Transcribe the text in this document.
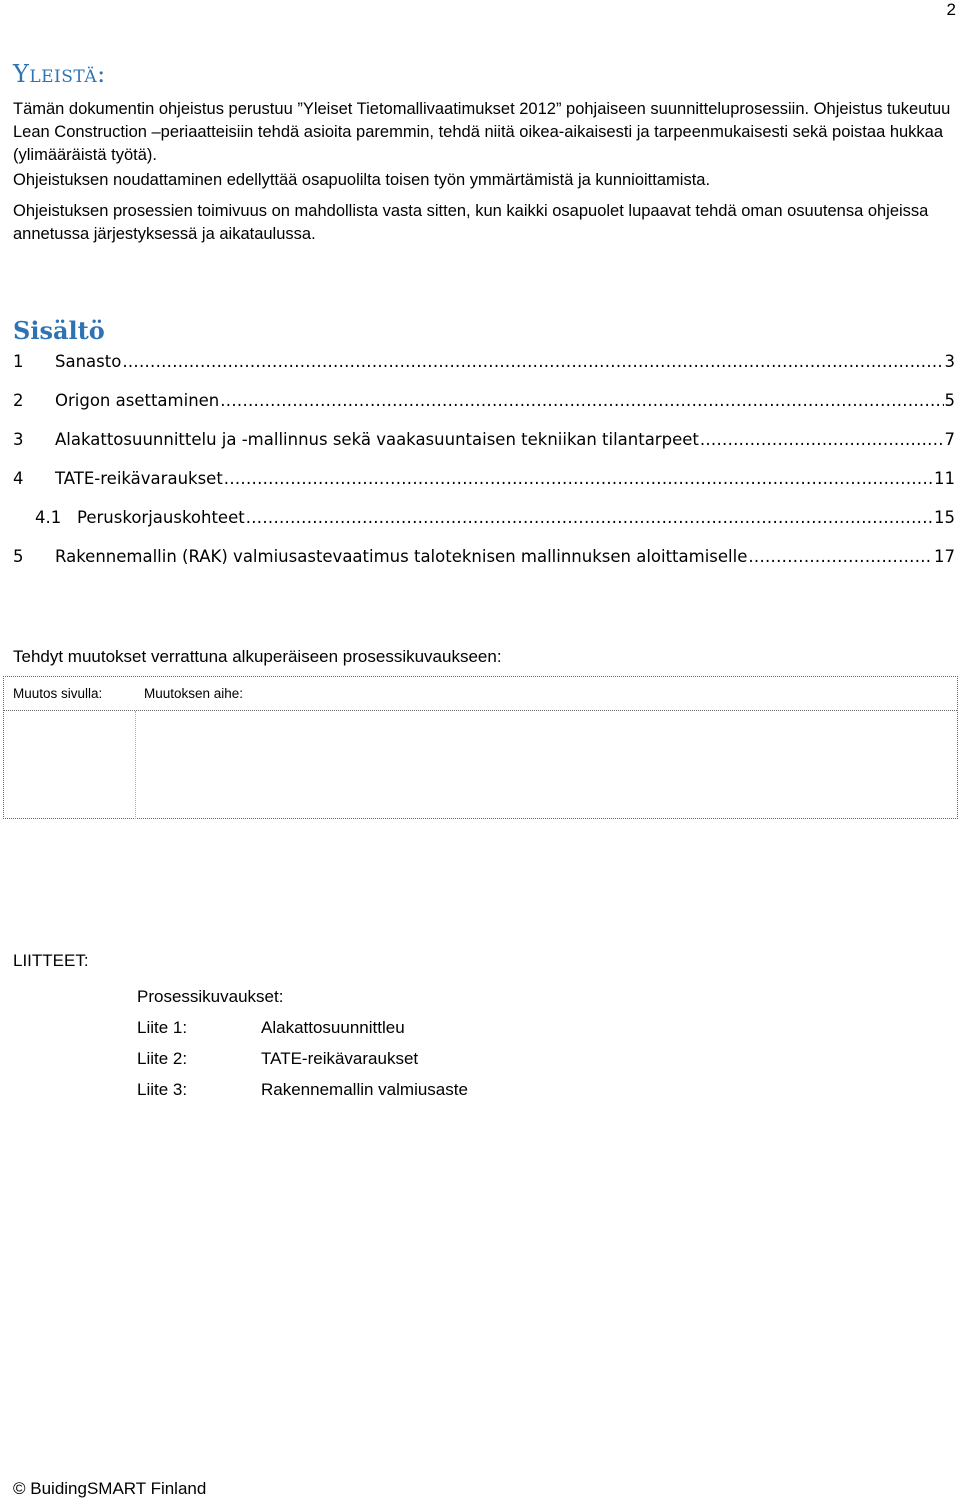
2
Yleistä:

Tämän dokumentin ohjeistus perustuu ”Yleiset Tietomallivaatimukset 2012” pohjaiseen suunnitteluprosessiin. Ohjeistus tukeutuu Lean Construction –periaatteisiin tehdä asioita paremmin, tehdä niitä oikea-aikaisesti ja tarpeenmukaisesti sekä poistaa hukkaa (ylimääräistä työtä).

Ohjeistuksen noudattaminen edellyttää osapuolilta toisen työn ymmärtämistä ja kunnioittamista.

Ohjeistuksen prosessien toimivuus on mahdollista vasta sitten, kun kaikki osapuolet lupaavat tehdä oman osuutensa ohjeissa annetussa järjestyksessä ja aikataulussa.

Sisältö
1	Sanasto .....	3
2	Origon asettaminen .....	5
3	Alakattosuunnittelu ja -mallinnus sekä vaakasuuntaisen tekniikan tilantarpeet .....	7
4	TATE-reikävaraukset .....	11
4.1 Peruskorjauskohteet .....	15
5	Rakennemallin (RAK) valmiusastevaatimus taloteknisen mallinnuksen aloittamiselle .....	17
Tehdyt muutokset verrattuna alkuperäiseen prosessikuvaukseen:
Muutos sivulla:	Muutoksen aihe:
LIITTEET:
Prosessikuvaukset:
Liite 1:	Alakattosuunnittleu
Liite 2:	TATE-reikävaraukset
Liite 3:	Rakennemallin valmiusaste
© BuidingSMART Finland
